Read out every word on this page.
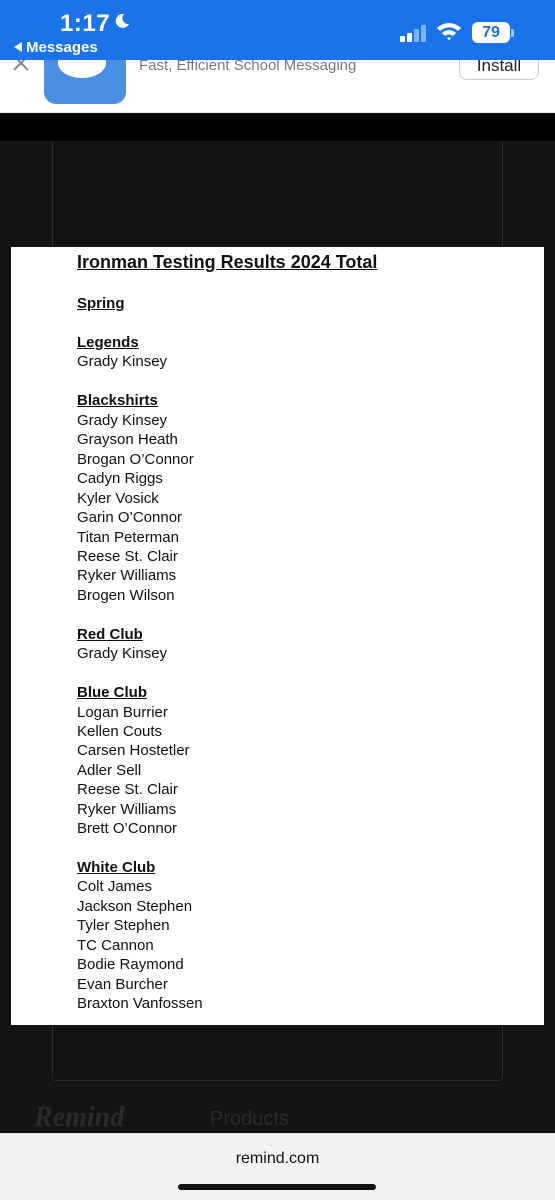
1:17
Messages
79
Fast, Efficient School Messaging	Install
Ironman Testing Results 2024 Total
Spring
Legends
Grady Kinsey
Blackshirts
Grady Kinsey
Grayson Heath
Brogan O’Connor
Cadyn Riggs
Kyler Vosick
Garin O’Connor
Titan Peterman
Reese St. Clair
Ryker Williams
Brogen Wilson
Red Club
Grady Kinsey
Blue Club
Logan Burrier
Kellen Couts
Carsen Hostetler
Adler Sell
Reese St. Clair
Ryker Williams
Brett O’Connor
White Club
Colt James
Jackson Stephen
Tyler Stephen
TC Cannon
Bodie Raymond
Evan Burcher
Braxton Vanfossen
Remind	Products
remind.com
